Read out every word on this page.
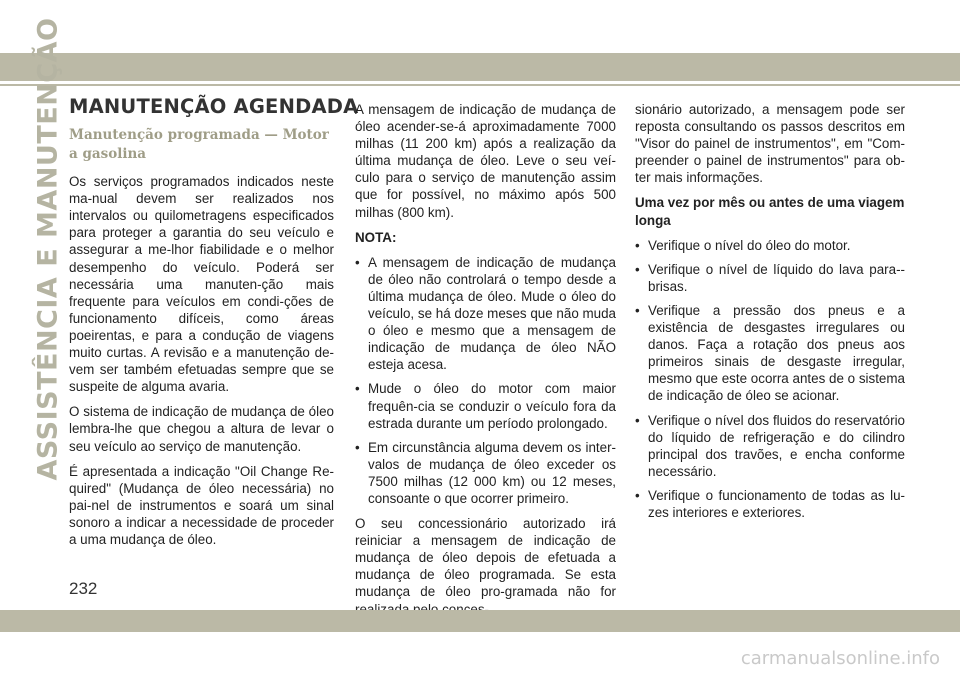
ASSISTÊNCIA E MANUTENÇÃO MANUTENÇÃO AGENDADA
Manutenção programada — Motor a gasolina

Os serviços programados indicados neste ma-nual devem ser realizados nos intervalos ou quilometragens especificados para proteger a garantia do seu veículo e assegurar a me-lhor fiabilidade e o melhor desempenho do veículo. Poderá ser necessária uma manuten-ção mais frequente para veículos em condi-ções de funcionamento difíceis, como áreas poeirentas, e para a condução de viagens muito curtas. A revisão e a manutenção de-vem ser também efetuadas sempre que se suspeite de alguma avaria.

O sistema de indicação de mudança de óleo lembra-lhe que chegou a altura de levar o seu veículo ao serviço de manutenção.

É apresentada a indicação "Oil Change Re-quired" (Mudança de óleo necessária) no pai-nel de instrumentos e soará um sinal sonoro a indicar a necessidade de proceder a uma mudança de óleo.

A mensagem de indicação de mudança de óleo acender-se-á aproximadamente 7000 milhas (11 200 km) após a realização da última mudança de óleo. Leve o seu veí-culo para o serviço de manutenção assim que for possível, no máximo após 500 milhas (800 km).

NOTA:
• A mensagem de indicação de mudança de óleo não controlará o tempo desde a última mudança de óleo. Mude o óleo do veículo, se há doze meses que não muda o óleo e mesmo que a mensagem de indicação de mudança de óleo NÃO esteja acesa.
• Mude o óleo do motor com maior frequên-cia se conduzir o veículo fora da estrada durante um período prolongado.
• Em circunstância alguma devem os inter-valos de mudança de óleo exceder os 7500 milhas (12 000 km) ou 12 meses, consoante o que ocorrer primeiro.

O seu concessionário autorizado irá reiniciar a mensagem de indicação de mudança de óleo depois de efetuada a mudança de óleo programada. Se esta mudança de óleo pro-gramada não for

sionário autorizado, a mensagem pode ser reposta consultando os passos descritos em "Visor do painel de instrumentos", em "Com-preender o painel de instrumentos" para ob-ter mais informações.

Uma vez por mês ou antes de uma viagem longa
• Verifique o nível do óleo do motor.
• Verifique o nível de líquido do lava para--brisas.
• Verifique a pressão dos pneus e a existência de desgastes irregulares ou danos. Faça a rotação dos pneus aos primeiros sinais de desgaste irregular, mesmo que este ocorra antes de o sistema de indicação de óleo se acionar.
• Verifique o nível dos fluidos do reservatório do líquido de refrigeração e do cilindro principal dos travões, e encha conforme necessário.
• Verifique o funcionamento de todas as lu-zes interiores e exteriores.
232
carmanualsonline.info
